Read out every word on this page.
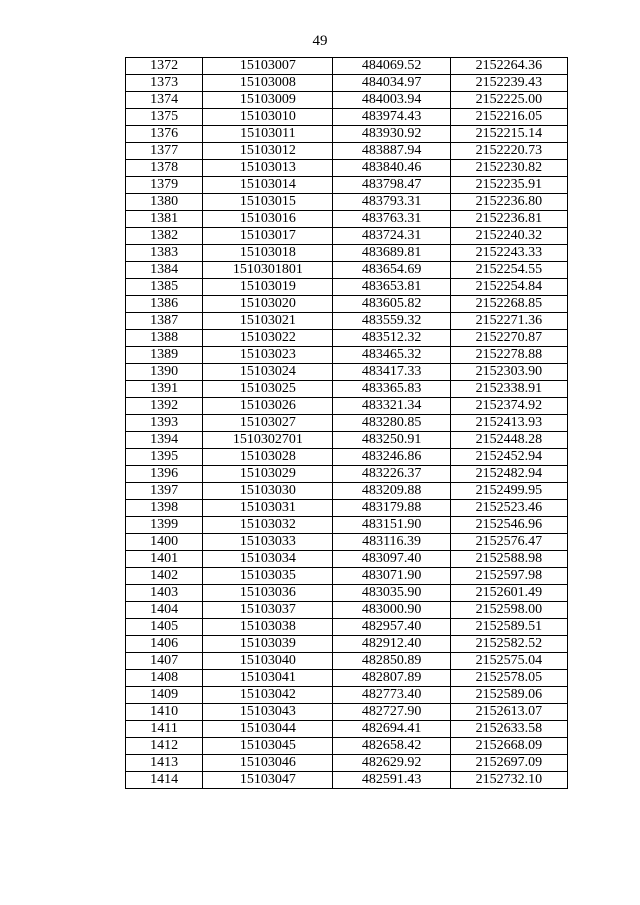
49
1372	15103007	484069.52	2152264.36
1373	15103008	484034.97	2152239.43
1374	15103009	484003.94	2152225.00
1375	15103010	483974.43	2152216.05
1376	15103011	483930.92	2152215.14
1377	15103012	483887.94	2152220.73
1378	15103013	483840.46	2152230.82
1379	15103014	483798.47	2152235.91
1380	15103015	483793.31	2152236.80
1381	15103016	483763.31	2152236.81
1382	15103017	483724.31	2152240.32
1383	15103018	483689.81	2152243.33
1384	1510301801	483654.69	2152254.55
1385	15103019	483653.81	2152254.84
1386	15103020	483605.82	2152268.85
1387	15103021	483559.32	2152271.36
1388	15103022	483512.32	2152270.87
1389	15103023	483465.32	2152278.88
1390	15103024	483417.33	2152303.90
1391	15103025	483365.83	2152338.91
1392	15103026	483321.34	2152374.92
1393	15103027	483280.85	2152413.93
1394	1510302701	483250.91	2152448.28
1395	15103028	483246.86	2152452.94
1396	15103029	483226.37	2152482.94
1397	15103030	483209.88	2152499.95
1398	15103031	483179.88	2152523.46
1399	15103032	483151.90	2152546.96
1400	15103033	483116.39	2152576.47
1401	15103034	483097.40	2152588.98
1402	15103035	483071.90	2152597.98
1403	15103036	483035.90	2152601.49
1404	15103037	483000.90	2152598.00
1405	15103038	482957.40	2152589.51
1406	15103039	482912.40	2152582.52
1407	15103040	482850.89	2152575.04
1408	15103041	482807.89	2152578.05
1409	15103042	482773.40	2152589.06
1410	15103043	482727.90	2152613.07
1411	15103044	482694.41	2152633.58
1412	15103045	482658.42	2152668.09
1413	15103046	482629.92	2152697.09
1414	15103047	482591.43	2152732.10
